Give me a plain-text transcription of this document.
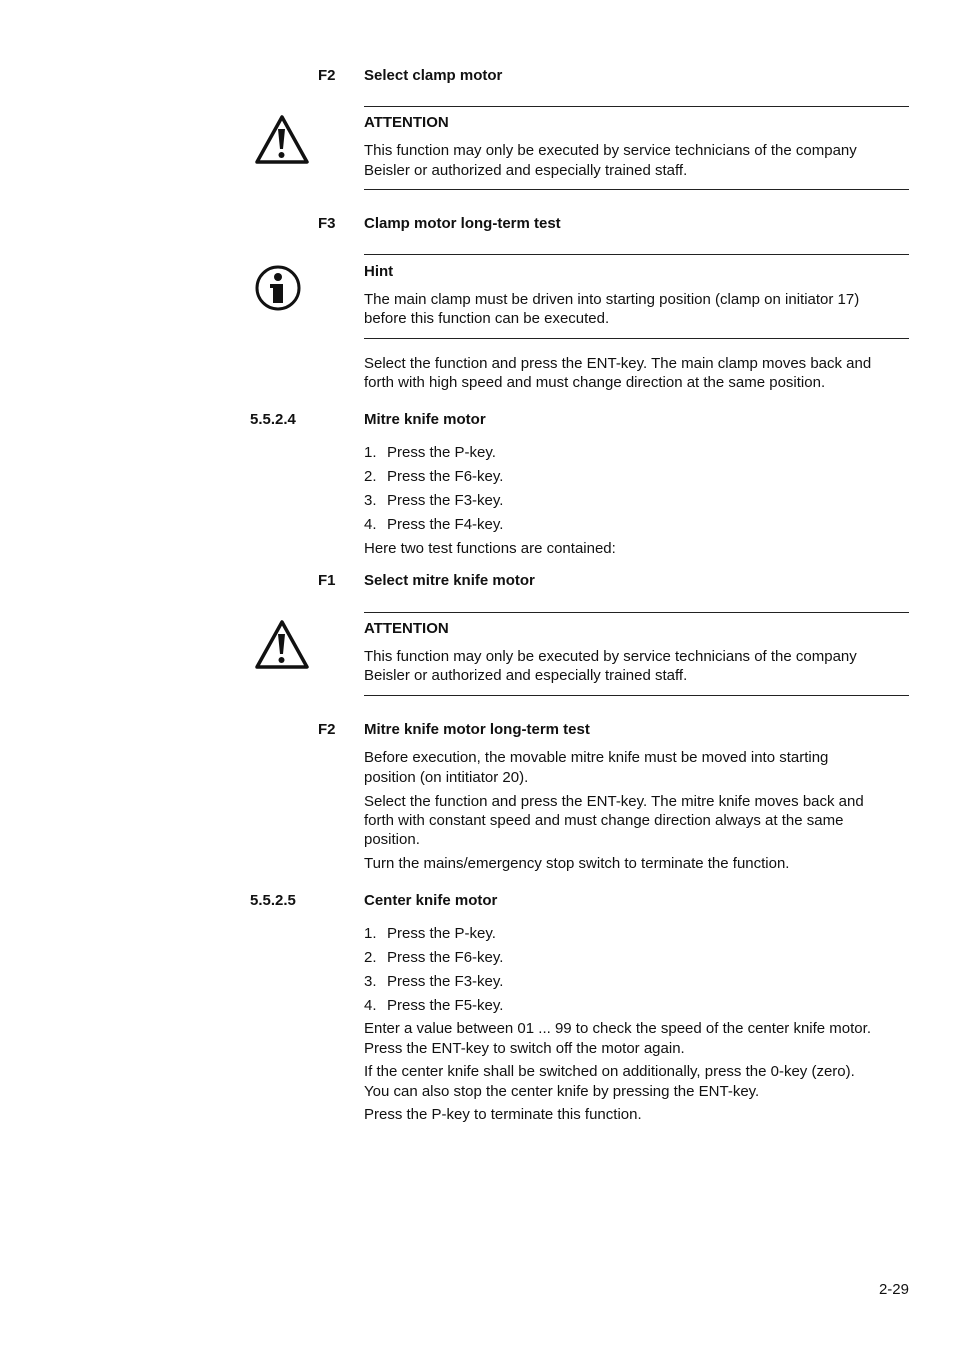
F2 Select clamp motor
ATTENTION
This function may only be executed by service technicians of the company
Beisler or authorized and especially trained staff.
F3 Clamp motor long-term test
Hint
The main clamp must be driven into starting position (clamp on initiator 17)
before this function can be executed.
Select the function and press the ENT-key. The main clamp moves back and
forth with high speed and must change direction at the same position.
5.5.2.4	Mitre knife motor
1. Press the P-key.
2. Press the F6-key.
3. Press the F3-key.
4. Press the F4-key.
Here two test functions are contained:
F1 Select mitre knife motor
ATTENTION
This function may only be executed by service technicians of the company
Beisler or authorized and especially trained staff.
F2 Mitre knife motor long-term test
Before execution, the movable mitre knife must be moved into starting
position (on intitiator 20).
Select the function and press the ENT-key. The mitre knife moves back and
forth with constant speed and must change direction always at the same
position.
Turn the mains/emergency stop switch to terminate the function.
5.5.2.5	Center knife motor
1. Press the P-key.
2. Press the F6-key.
3. Press the F3-key.
4. Press the F5-key.
Enter a value between 01 ... 99 to check the speed of the center knife motor.
Press the ENT-key to switch off the motor again.
If the center knife shall be switched on additionally, press the 0-key (zero).
You can also stop the center knife by pressing the ENT-key.
Press the P-key to terminate this function.
2-29
